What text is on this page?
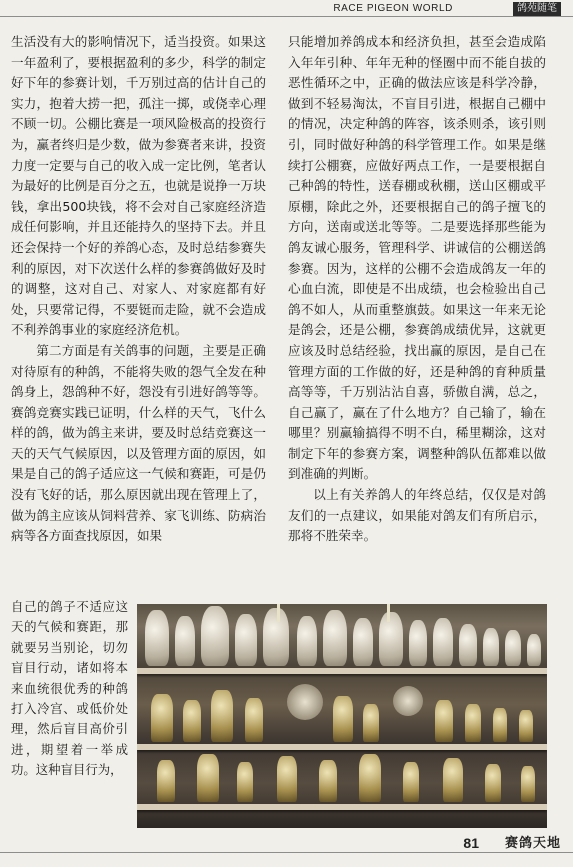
RACE PIGEON WORLD	鸽苑随笔

生活没有大的影响情况下，适当投资。如果这一年盈利了，要根据盈利的多少，科学的制定好下年的参赛计划，千万别过高的估计自己的实力，抱着大捞一把，孤注一掷，或侥幸心理不顾一切。公棚比赛是一项风险极高的投资行为，赢者终归是少数，做为参赛者来讲，投资力度一定要与自己的收入成一定比例，笔者认为最好的比例是百分之五，也就是说挣一万块钱，拿出500块钱，将不会对自己家庭经济造成任何影响，并且还能持久的坚持下去。并且还会保持一个好的养鸽心态，及时总结参赛失利的原因，对下次送什么样的参赛鸽做好及时的调整，这对自己、对家人、对家庭都有好处，只要常记得，不要铤而走险，就不会造成不利养鸽事业的家庭经济危机。

第二方面是有关鸽事的问题，主要是正确对待原有的种鸽，不能将失败的怨气全发在种鸽身上，怨鸽种不好，怨没有引进好鸽等等。赛鸽竞赛实践已证明，什么样的天气，飞什么样的鸽，做为鸽主来讲，要及时总结竞赛这一天的天气气候原因，以及管理方面的原因，如果是自己的鸽子适应这一气候和赛距，可是仍没有飞好的话，那么原因就出现在管理上了，做为鸽主应该从饲料营养、家飞训练、防病治病等各方面查找原因，如果

自己的鸽子不适应这天的气候和赛距，那就要另当别论，切勿盲目行动，诸如将本来血统很优秀的种鸽打入冷宫、或低价处理，然后盲目高价引进，期望着一举成功。这种盲目行为，

只能增加养鸽成本和经济负担，甚至会造成陷入年年引种、年年无种的怪圈中而不能自拔的恶性循环之中，正确的做法应该是科学冷静，做到不轻易淘汰，不盲目引进，根据自己棚中的情况，决定种鸽的阵容，该杀则杀，该引则引，同时做好种鸽的科学管理工作。如果是继续打公棚赛，应做好两点工作，一是要根据自己种鸽的特性，送春棚或秋棚，送山区棚或平原棚，除此之外，还要根据自己的鸽子擅飞的方向，送南或送北等等。二是要选择那些能为鸽友诚心服务，管理科学、讲诚信的公棚送鸽参赛。因为，这样的公棚不会造成鸽友一年的心血白流，即使是不出成绩，也会检验出自己鸽不如人，从而重整旗鼓。如果这一年来无论是鸽会，还是公棚，参赛鸽成绩优异，这就更应该及时总结经验，找出赢的原因，是自己在管理方面的工作做的好，还是种鸽的育种质量高等等，千万别沾沾自喜，骄傲自满，总之，自己赢了，赢在了什么地方？自己输了，输在哪里？别赢输搞得不明不白，稀里糊涂，这对制定下年的参赛方案，调整种鸽队伍都难以做到准确的判断。

以上有关养鸽人的年终总结，仅仅是对鸽友们的一点建议，如果能对鸽友们有所启示，那将不胜荣幸。

81 赛鸽天地
